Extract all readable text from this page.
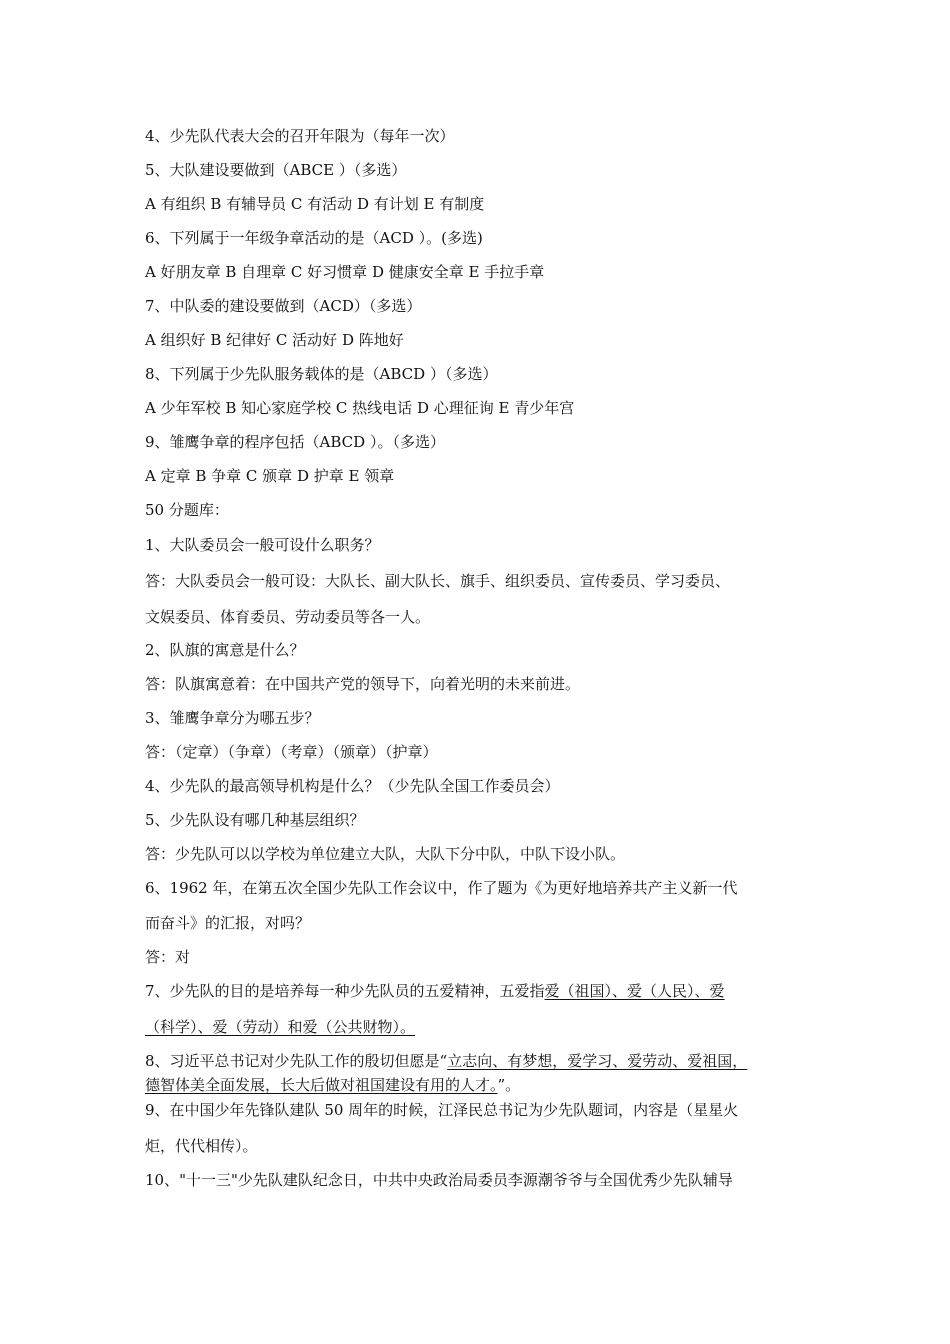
4、少先队代表大会的召开年限为（每年一次）
5、大队建设要做到（ABCE ）（多选）
A 有组织 B 有辅导员 C 有活动 D 有计划 E 有制度
6、下列属于一年级争章活动的是（ACD ）。(多选)
A 好朋友章 B 自理章 C 好习惯章 D 健康安全章 E 手拉手章
7、中队委的建设要做到（ACD）（多选）
A 组织好 B 纪律好 C 活动好 D 阵地好
8、下列属于少先队服务载体的是（ABCD ）（多选）
A 少年军校 B 知心家庭学校 C 热线电话 D 心理征询 E 青少年宫
9、雏鹰争章的程序包括（ABCD ）。（多选）
A 定章 B 争章 C 颁章 D 护章 E 领章
50 分题库：
1、大队委员会一般可设什么职务？
答：大队委员会一般可设：大队长、副大队长、旗手、组织委员、宣传委员、学习委员、
文娱委员、体育委员、劳动委员等各一人。
2、队旗的寓意是什么？
答：队旗寓意着：在中国共产党的领导下，向着光明的未来前进。
3、雏鹰争章分为哪五步？
答：（定章）（争章）（考章）（颁章）（护章）
4、少先队的最高领导机构是什么？（少先队全国工作委员会）
5、少先队设有哪几种基层组织？
答：少先队可以以学校为单位建立大队，大队下分中队，中队下设小队。
6、1962 年，在第五次全国少先队工作会议中，作了题为《为更好地培养共产主义新一代
而奋斗》的汇报，对吗？
答：对
7、少先队的目的是培养每一种少先队员的五爱精神，五爱指爱（祖国）、爱（人民）、爱
（科学）、爱（劳动）和爱（公共财物）。
8、习近平总书记对少先队工作的殷切但愿是“立志向、有梦想，爱学习、爱劳动、爱祖国，
德智体美全面发展，长大后做对祖国建设有用的人才。”。
9、在中国少年先锋队建队 50 周年的时候，江泽民总书记为少先队题词，内容是（星星火
炬，代代相传）。
10、"十一三"少先队建队纪念日，中共中央政治局委员李源潮爷爷与全国优秀少先队辅导
